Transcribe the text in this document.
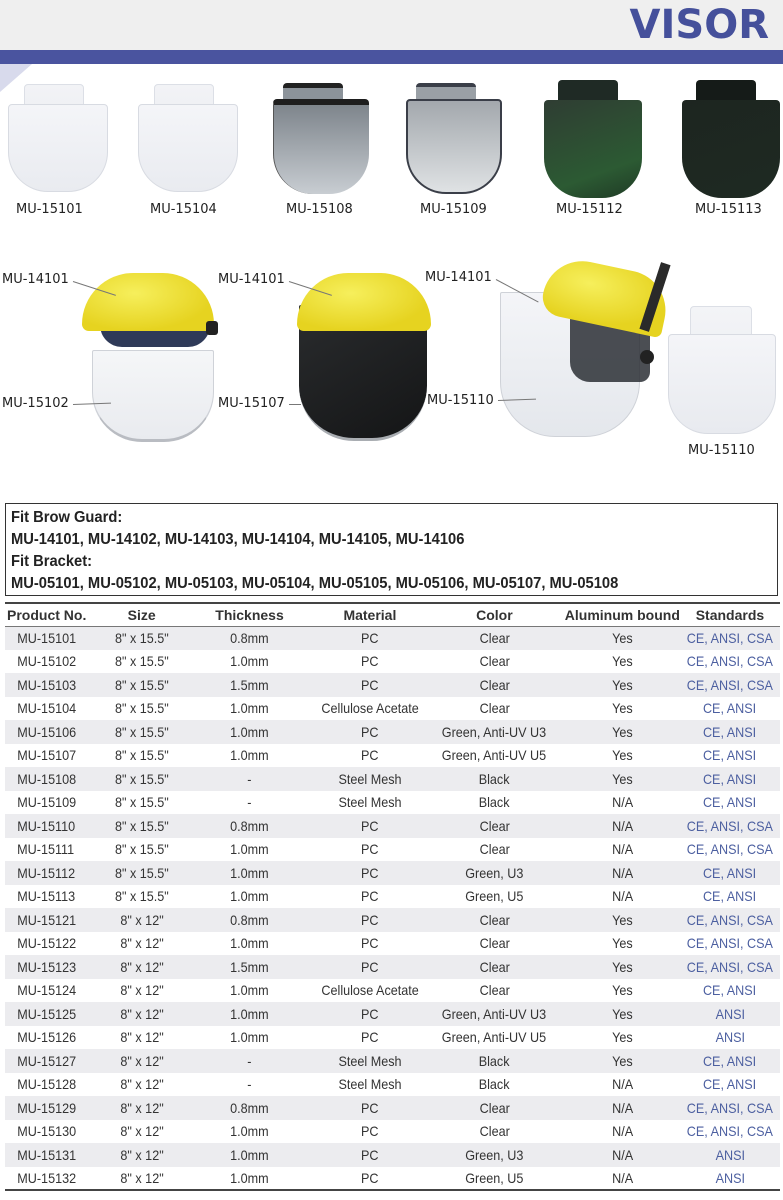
VISOR
MU-15101	MU-15104	MU-15108	MU-15109	MU-15112	MU-15113
MU-14101
MU-15102
MU-14101
MU-15107
MU-14101
MU-15110
MU-15110
Fit Brow Guard:
MU-14101, MU-14102, MU-14103, MU-14104, MU-14105, MU-14106
Fit Bracket:
MU-05101, MU-05102, MU-05103, MU-05104, MU-05105, MU-05106, MU-05107, MU-05108
Product No.	Size	Thickness	Material	Color	Aluminum bound	Standards
MU-15101	8" x 15.5"	0.8mm	PC	Clear	Yes	CE, ANSI, CSA
MU-15102	8" x 15.5"	1.0mm	PC	Clear	Yes	CE, ANSI, CSA
MU-15103	8" x 15.5"	1.5mm	PC	Clear	Yes	CE, ANSI, CSA
MU-15104	8" x 15.5"	1.0mm	Cellulose Acetate	Clear	Yes	CE, ANSI
MU-15106	8" x 15.5"	1.0mm	PC	Green, Anti-UV U3	Yes	CE, ANSI
MU-15107	8" x 15.5"	1.0mm	PC	Green, Anti-UV U5	Yes	CE, ANSI
MU-15108	8" x 15.5"	-	Steel Mesh	Black	Yes	CE, ANSI
MU-15109	8" x 15.5"	-	Steel Mesh	Black	N/A	CE, ANSI
MU-15110	8" x 15.5"	0.8mm	PC	Clear	N/A	CE, ANSI, CSA
MU-15111	8" x 15.5"	1.0mm	PC	Clear	N/A	CE, ANSI, CSA
MU-15112	8" x 15.5"	1.0mm	PC	Green, U3	N/A	CE, ANSI
MU-15113	8" x 15.5"	1.0mm	PC	Green, U5	N/A	CE, ANSI
MU-15121	8" x 12"	0.8mm	PC	Clear	Yes	CE, ANSI, CSA
MU-15122	8" x 12"	1.0mm	PC	Clear	Yes	CE, ANSI, CSA
MU-15123	8" x 12"	1.5mm	PC	Clear	Yes	CE, ANSI, CSA
MU-15124	8" x 12"	1.0mm	Cellulose Acetate	Clear	Yes	CE, ANSI
MU-15125	8" x 12"	1.0mm	PC	Green, Anti-UV U3	Yes	ANSI
MU-15126	8" x 12"	1.0mm	PC	Green, Anti-UV U5	Yes	ANSI
MU-15127	8" x 12"	-	Steel Mesh	Black	Yes	CE, ANSI
MU-15128	8" x 12"	-	Steel Mesh	Black	N/A	CE, ANSI
MU-15129	8" x 12"	0.8mm	PC	Clear	N/A	CE, ANSI, CSA
MU-15130	8" x 12"	1.0mm	PC	Clear	N/A	CE, ANSI, CSA
MU-15131	8" x 12"	1.0mm	PC	Green, U3	N/A	ANSI
MU-15132	8" x 12"	1.0mm	PC	Green, U5	N/A	ANSI
